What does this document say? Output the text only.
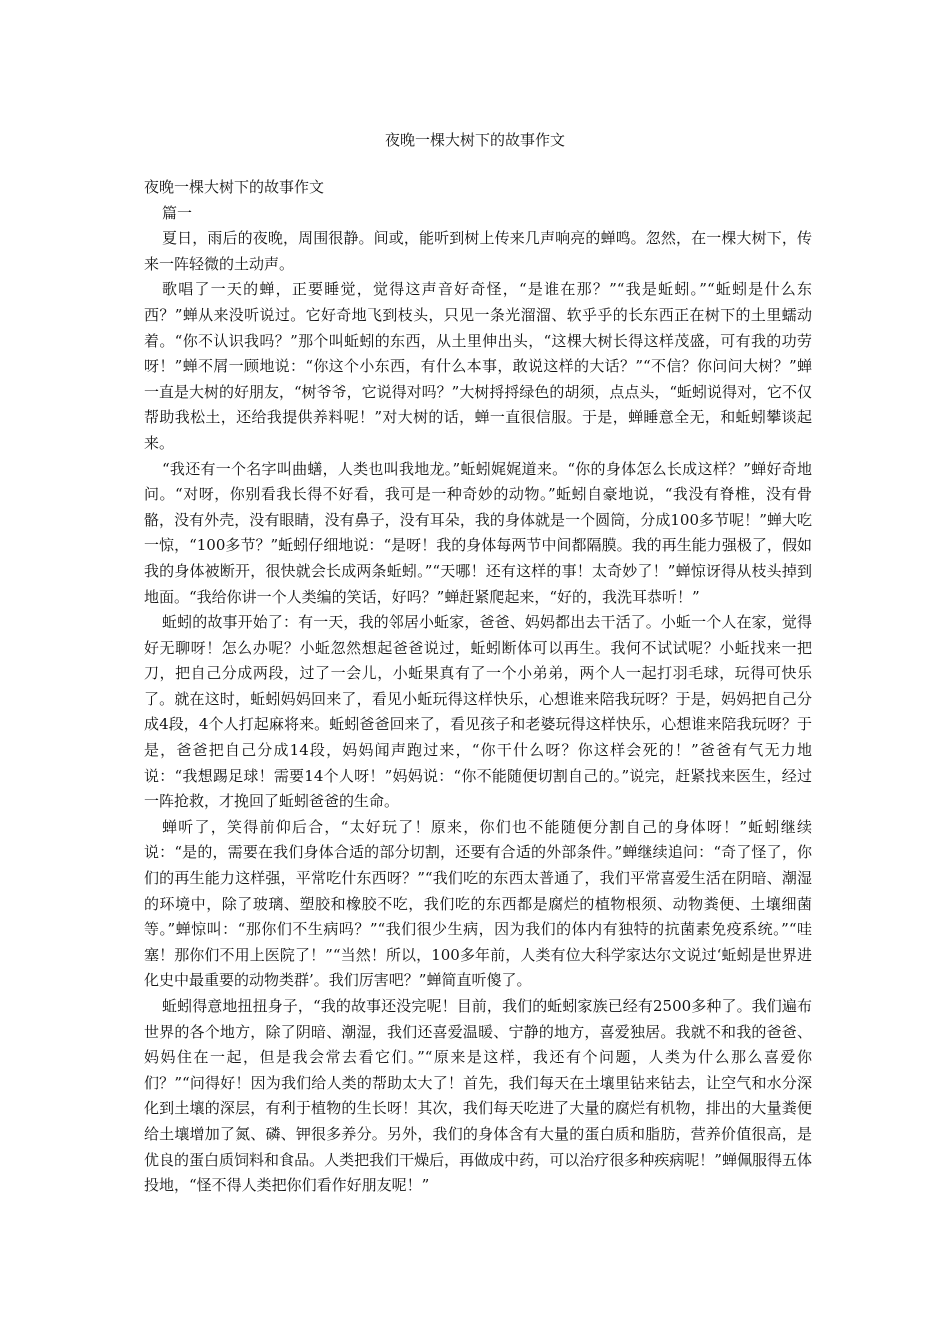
夜晚一棵大树下的故事作文

夜晚一棵大树下的故事作文

篇一

夏日，雨后的夜晚，周围很静。间或，能听到树上传来几声响亮的蝉鸣。忽然，在一棵大树下，传来一阵轻微的土动声。

歌唱了一天的蝉，正要睡觉，觉得这声音好奇怪，“是谁在那？”“我是蚯蚓。”“蚯蚓是什么东西？”蝉从来没听说过。它好奇地飞到枝头，只见一条光溜溜、软乎乎的长东西正在树下的土里蠕动着。“你不认识我吗？”那个叫蚯蚓的东西，从土里伸出头，“这棵大树长得这样茂盛，可有我的功劳呀！”蝉不屑一顾地说：“你这个小东西，有什么本事，敢说这样的大话？”“不信？你问问大树？”蝉一直是大树的好朋友，“树爷爷，它说得对吗？”大树捋捋绿色的胡须，点点头，“蚯蚓说得对，它不仅帮助我松土，还给我提供养料呢！”对大树的话，蝉一直很信服。于是，蝉睡意全无，和蚯蚓攀谈起来。

“我还有一个名字叫曲蟮，人类也叫我地龙。”蚯蚓娓娓道来。“你的身体怎么长成这样？”蝉好奇地问。“对呀，你别看我长得不好看，我可是一种奇妙的动物。”蚯蚓自豪地说，“我没有脊椎，没有骨骼，没有外壳，没有眼睛，没有鼻子，没有耳朵，我的身体就是一个圆筒，分成100多节呢！”蝉大吃一惊，“100多节？”蚯蚓仔细地说：“是呀！我的身体每两节中间都隔膜。我的再生能力强极了，假如我的身体被断开，很快就会长成两条蚯蚓。”“天哪！还有这样的事！太奇妙了！”蝉惊讶得从枝头掉到地面。“我给你讲一个人类编的笑话，好吗？”蝉赶紧爬起来，“好的，我洗耳恭听！”

蚯蚓的故事开始了：有一天，我的邻居小蚯家，爸爸、妈妈都出去干活了。小蚯一个人在家，觉得好无聊呀！怎么办呢？小蚯忽然想起爸爸说过，蚯蚓断体可以再生。我何不试试呢？小蚯找来一把刀，把自己分成两段，过了一会儿，小蚯果真有了一个小弟弟，两个人一起打羽毛球，玩得可快乐了。就在这时，蚯蚓妈妈回来了，看见小蚯玩得这样快乐，心想谁来陪我玩呀？于是，妈妈把自己分成4段，4个人打起麻将来。蚯蚓爸爸回来了，看见孩子和老婆玩得这样快乐，心想谁来陪我玩呀？于是，爸爸把自己分成14段，妈妈闻声跑过来，“你干什么呀？你这样会死的！”爸爸有气无力地说：“我想踢足球！需要14个人呀！”妈妈说：“你不能随便切割自己的。”说完，赶紧找来医生，经过一阵抢救，才挽回了蚯蚓爸爸的生命。

蝉听了，笑得前仰后合，“太好玩了！原来，你们也不能随便分割自己的身体呀！”蚯蚓继续说：“是的，需要在我们身体合适的部分切割，还要有合适的外部条件。”蝉继续追问：“奇了怪了，你们的再生能力这样强，平常吃什东西呀？”“我们吃的东西太普通了，我们平常喜爱生活在阴暗、潮湿的环境中，除了玻璃、塑胶和橡胶不吃，我们吃的东西都是腐烂的植物根须、动物粪便、土壤细菌等。”蝉惊叫：“那你们不生病吗？”“我们很少生病，因为我们的体内有独特的抗菌素免疫系统。”“哇塞！那你们不用上医院了！”“当然！所以，100多年前，人类有位大科学家达尔文说过‘蚯蚓是世界进化史中最重要的动物类群’。我们厉害吧？”蝉简直听傻了。

蚯蚓得意地扭扭身子，“我的故事还没完呢！目前，我们的蚯蚓家族已经有2500多种了。我们遍布世界的各个地方，除了阴暗、潮湿，我们还喜爱温暖、宁静的地方，喜爱独居。我就不和我的爸爸、妈妈住在一起，但是我会常去看它们。”“原来是这样，我还有个问题，人类为什么那么喜爱你们？”“问得好！因为我们给人类的帮助太大了！首先，我们每天在土壤里钻来钻去，让空气和水分深化到土壤的深层，有利于植物的生长呀！其次，我们每天吃进了大量的腐烂有机物，排出的大量粪便给土壤增加了氮、磷、钾很多养分。另外，我们的身体含有大量的蛋白质和脂肪，营养价值很高，是优良的蛋白质饲料和食品。人类把我们干燥后，再做成中药，可以治疗很多种疾病呢！”蝉佩服得五体投地，“怪不得人类把你们看作好朋友呢！”
